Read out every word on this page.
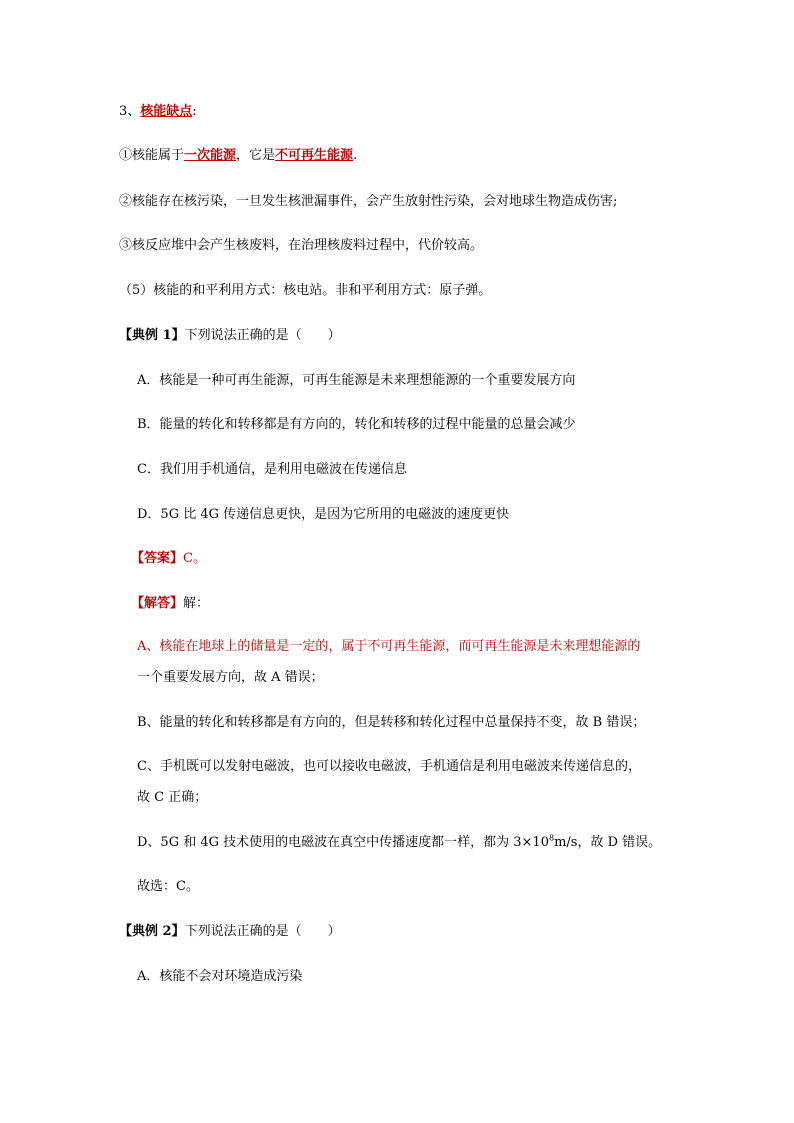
3、核能缺点:
①核能属于一次能源，它是不可再生能源.
②核能存在核污染，一旦发生核泄漏事件，会产生放射性污染，会对地球生物造成伤害;
③核反应堆中会产生核废料，在治理核废料过程中，代价较高。
（5）核能的和平利用方式：核电站。非和平利用方式：原子弹。
【典例 1】下列说法正确的是（　　）
A．核能是一种可再生能源，可再生能源是未来理想能源的一个重要发展方向
B．能量的转化和转移都是有方向的，转化和转移的过程中能量的总量会减少
C．我们用手机通信，是利用电磁波在传递信息
D．5G 比 4G 传递信息更快，是因为它所用的电磁波的速度更快
【答案】C。
【解答】解：
A、核能在地球上的储量是一定的，属于不可再生能源，而可再生能源是未来理想能源的
一个重要发展方向，故 A 错误；
B、能量的转化和转移都是有方向的，但是转移和转化过程中总量保持不变，故 B 错误；
C、手机既可以发射电磁波，也可以接收电磁波，手机通信是利用电磁波来传递信息的，
故 C 正确；
D、5G 和 4G 技术使用的电磁波在真空中传播速度都一样，都为 $3\times 10^8m/s$，故 D 错误。
故选：C。
【典例 2】下列说法正确的是（　　）
A．核能不会对环境造成污染
